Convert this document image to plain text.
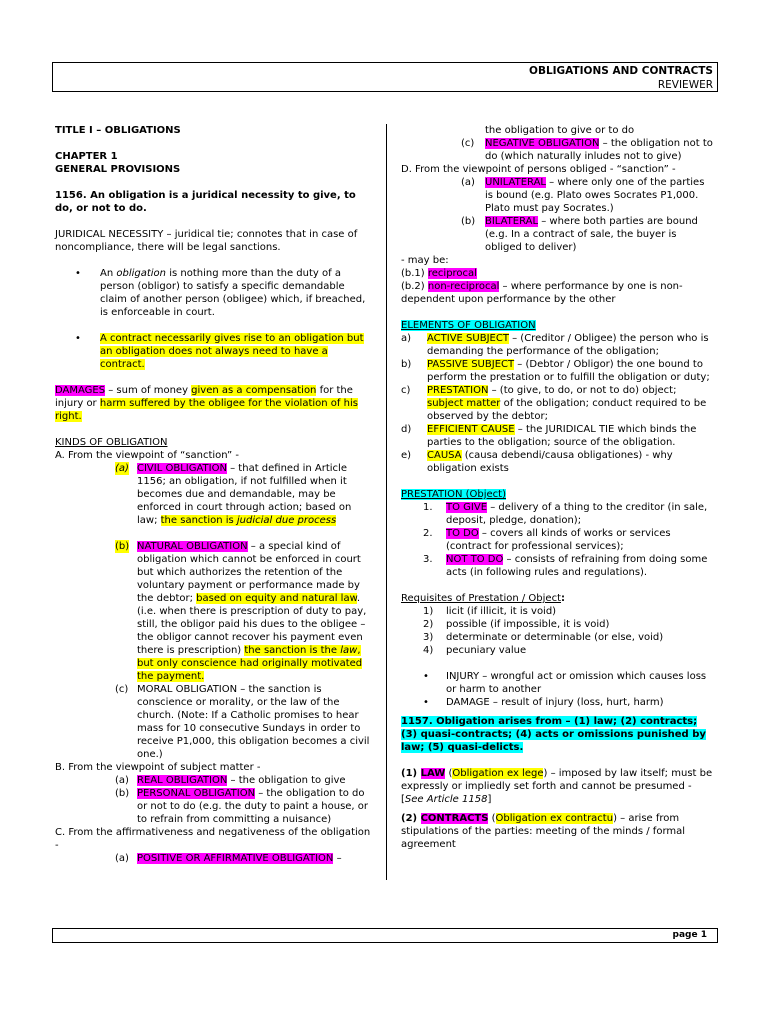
OBLIGATIONS AND CONTRACTS
REVIEWER

TITLE I – OBLIGATIONS

CHAPTER 1

GENERAL PROVISIONS

1156. An obligation is a juridical necessity to give, to do, or not to do.

JURIDICAL NECESSITY – juridical tie; connotes that in case of noncompliance, there will be legal sanctions.

• An obligation is nothing more than the duty of a person (obligor) to satisfy a specific demandable claim of another person (obligee) which, if breached, is enforceable in court.
• A contract necessarily gives rise to an obligation but an obligation does not always need to have a contract.

DAMAGES – sum of money given as a compensation for the injury or harm suffered by the obligee for the violation of his right.

KINDS OF OBLIGATION

A. From the viewpoint of “sanction” -

(a) CIVIL OBLIGATION – that defined in Article 1156; an obligation, if not fulfilled when it becomes due and demandable, may be enforced in court through action; based on law; the sanction is judicial due process
(b) NATURAL OBLIGATION – a special kind of obligation which cannot be enforced in court but which authorizes the retention of the voluntary payment or performance made by the debtor; based on equity and natural law. (i.e. when there is prescription of duty to pay, still, the obligor paid his dues to the obligee – the obligor cannot recover his payment even there is prescription) the sanction is the law, but only conscience had originally motivated the payment.
(c) MORAL OBLIGATION – the sanction is conscience or morality, or the law of the church. (Note: If a Catholic promises to hear mass for 10 consecutive Sundays in order to receive P1,000, this obligation becomes a civil one.)

B. From the viewpoint of subject matter -

(a) REAL OBLIGATION – the obligation to give
(b) PERSONAL OBLIGATION – the obligation to do or not to do (e.g. the duty to paint a house, or to refrain from committing a nuisance)

C. From the affirmativeness and negativeness of the obligation -

(a) POSITIVE OR AFFIRMATIVE OBLIGATION –

the obligation to give or to do

(c) NEGATIVE OBLIGATION – the obligation not to do (which naturally inludes not to give)

D. From the viewpoint of persons obliged - “sanction” -

(a) UNILATERAL – where only one of the parties is bound (e.g. Plato owes Socrates P1,000. Plato must pay Socrates.)
(b) BILATERAL – where both parties are bound (e.g. In a contract of sale, the buyer is obliged to deliver)

- may be:

(b.1) reciprocal

(b.2) non-reciprocal – where performance by one is non-dependent upon performance by the other

ELEMENTS OF OBLIGATION

a) ACTIVE SUBJECT – (Creditor / Obligee) the person who is demanding the performance of the obligation;
b) PASSIVE SUBJECT – (Debtor / Obligor) the one bound to perform the prestation or to fulfill the obligation or duty;
c) PRESTATION – (to give, to do, or not to do) object; subject matter of the obligation; conduct required to be observed by the debtor;
d) EFFICIENT CAUSE – the JURIDICAL TIE which binds the parties to the obligation; source of the obligation.
e) CAUSA (causa debendi/causa obligationes) - why obligation exists

PRESTATION (Object)

1. TO GIVE – delivery of a thing to the creditor (in sale, deposit, pledge, donation);
2. TO DO – covers all kinds of works or services (contract for professional services);
3. NOT TO DO – consists of refraining from doing some acts (in following rules and regulations).

Requisites of Prestation / Object:

1) licit (if illicit, it is void)
2) possible (if impossible, it is void)
3) determinate or determinable (or else, void)
4) pecuniary value
• INJURY – wrongful act or omission which causes loss or harm to another
• DAMAGE – result of injury (loss, hurt, harm)

1157. Obligation arises from – (1) law; (2) contracts; (3) quasi-contracts; (4) acts or omissions punished by law; (5) quasi-delicts.

(1) LAW (Obligation ex lege) – imposed by law itself; must be expressly or impliedly set forth and cannot be presumed - [See Article 1158]

(2) CONTRACTS (Obligation ex contractu) – arise from stipulations of the parties: meeting of the minds / formal agreement

page 1
